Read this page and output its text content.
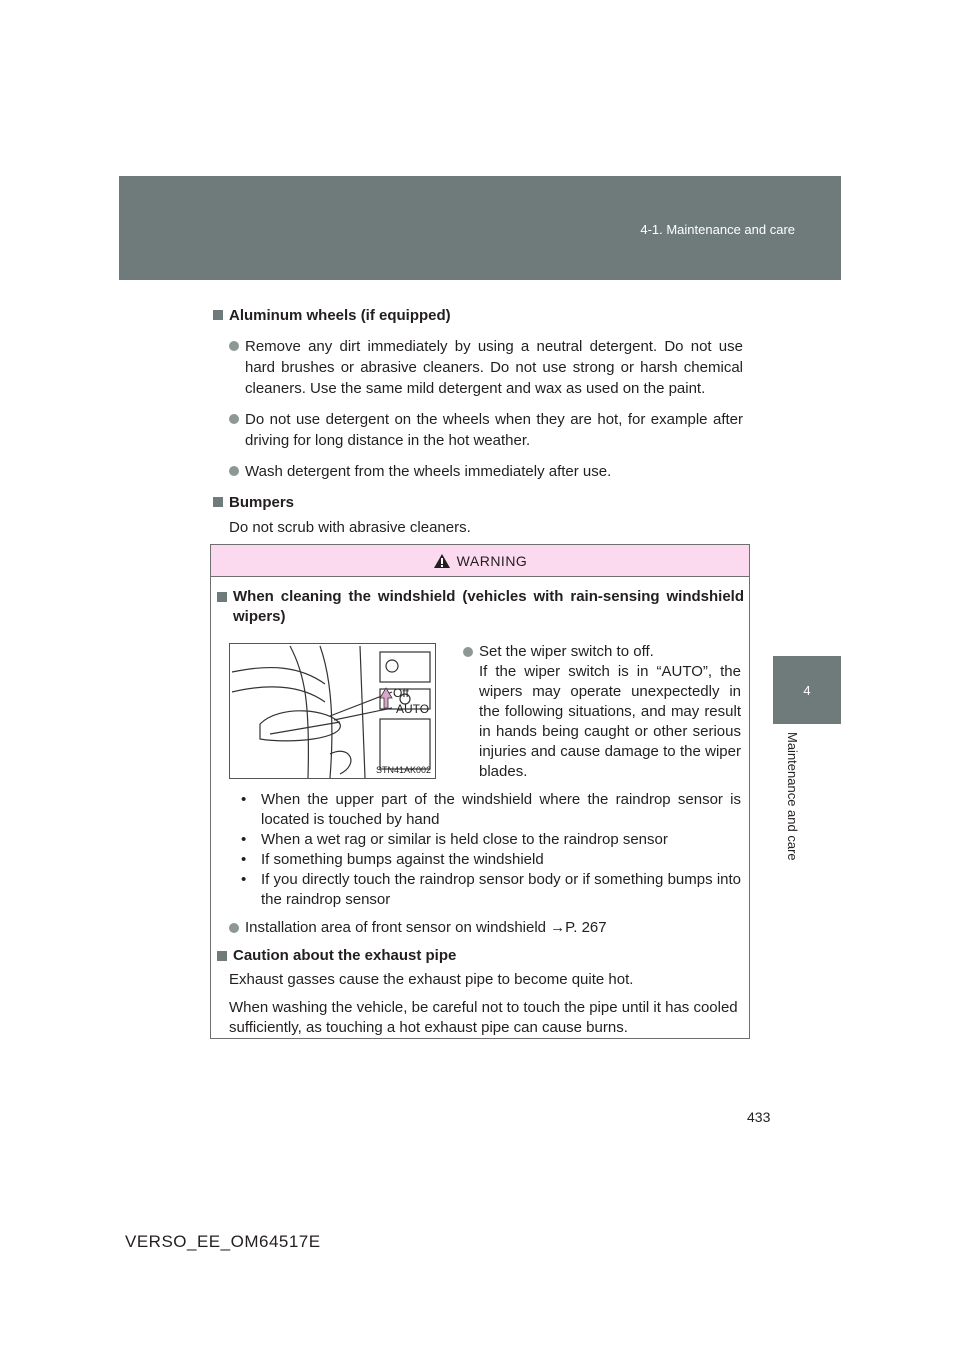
4-1. Maintenance and care
4
Maintenance and care
Aluminum wheels (if equipped)
Remove any dirt immediately by using a neutral detergent. Do not use hard brushes or abrasive cleaners. Do not use strong or harsh chemical cleaners. Use the same mild detergent and wax as used on the paint.
Do not use detergent on the wheels when they are hot, for example after driving for long distance in the hot weather.
Wash detergent from the wheels immediately after use.
Bumpers
Do not scrub with abrasive cleaners.
WARNING
When cleaning the windshield (vehicles with rain-sensing windshield wipers)
Off
AUTO
STN41AK002
Set the wiper switch to off.
If the wiper switch is in “AUTO”, the wipers may operate unexpectedly in the following situations, and may result in hands being caught or other serious injuries and cause damage to the wiper blades.
• When the upper part of the windshield where the raindrop sensor is located is touched by hand
• When a wet rag or similar is held close to the raindrop sensor
• If something bumps against the windshield
• If you directly touch the raindrop sensor body or if something bumps into the raindrop sensor
Installation area of front sensor on windshield →P. 267
Caution about the exhaust pipe
Exhaust gasses cause the exhaust pipe to become quite hot.
When washing the vehicle, be careful not to touch the pipe until it has cooled sufficiently, as touching a hot exhaust pipe can cause burns.
433
VERSO_EE_OM64517E
